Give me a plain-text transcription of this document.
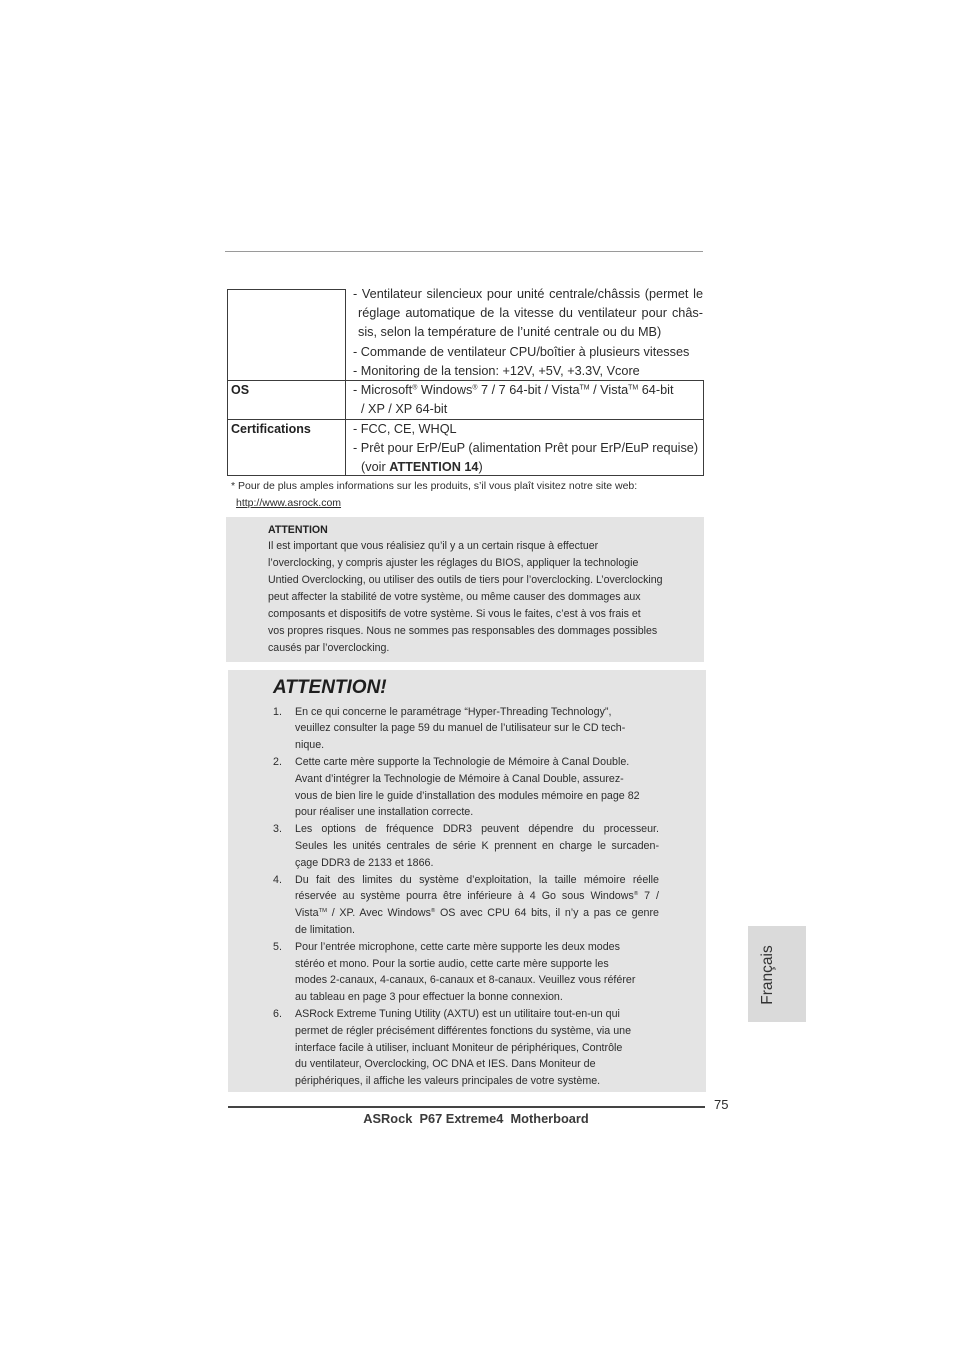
- Ventilateur silencieux pour unité centrale/châssis (permet le
réglage automatique de la vitesse du ventilateur pour châs-
sis, selon la température de l’unité centrale ou du MB)
- Commande de ventilateur CPU/boîtier à plusieurs vitesses
- Monitoring de la tension: +12V, +5V, +3.3V, Vcore
OS	- Microsoft® Windows® 7 / 7 64-bit / Vista™ / Vista™ 64-bit
/ XP / XP 64-bit
Certifications	- FCC, CE, WHQL
- Prêt pour ErP/EuP (alimentation Prêt pour ErP/EuP requise)
(voir ATTENTION 14)
* Pour de plus amples informations sur les produits, s’il vous plaît visitez notre site web:
http://www.asrock.com
ATTENTION
Il est important que vous réalisiez qu’il y a un certain risque à effectuer
l’overclocking, y compris ajuster les réglages du BIOS, appliquer la technologie
Untied Overclocking, ou utiliser des outils de tiers pour l’overclocking. L’overclocking
peut affecter la stabilité de votre système, ou même causer des dommages aux
composants et dispositifs de votre système. Si vous le faites, c’est à vos frais et
vos propres risques. Nous ne sommes pas responsables des dommages possibles
causés par l’overclocking.
ATTENTION!
1. En ce qui concerne le paramétrage “Hyper-Threading Technology”,
veuillez consulter la page 59 du manuel de l’utilisateur sur le CD tech-
nique.
2. Cette carte mère supporte la Technologie de Mémoire à Canal Double.
Avant d’intégrer la Technologie de Mémoire à Canal Double, assurez-
vous de bien lire le guide d’installation des modules mémoire en page 82
pour réaliser une installation correcte.
3. Les options de fréquence DDR3 peuvent dépendre du processeur.
Seules les unités centrales de série K prennent en charge le surcaden-
çage DDR3 de 2133 et 1866.
4. Du fait des limites du système d’exploitation, la taille mémoire réelle
réservée au système pourra être inférieure à 4 Go sous Windows® 7 /
Vista™ / XP. Avec Windows® OS avec CPU 64 bits, il n’y a pas ce genre
de limitation.
5. Pour l’entrée microphone, cette carte mère supporte les deux modes
stéréo et mono. Pour la sortie audio, cette carte mère supporte les
modes 2-canaux, 4-canaux, 6-canaux et 8-canaux. Veuillez vous référer
au tableau en page 3 pour effectuer la bonne connexion.
6. ASRock Extreme Tuning Utility (AXTU) est un utilitaire tout-en-un qui
permet de régler précisément différentes fonctions du système, via une
interface facile à utiliser, incluant Moniteur de périphériques, Contrôle
du ventilateur, Overclocking, OC DNA et IES. Dans Moniteur de
périphériques, il affiche les valeurs principales de votre système.
Français
75
ASRock  P67 Extreme4  Motherboard
